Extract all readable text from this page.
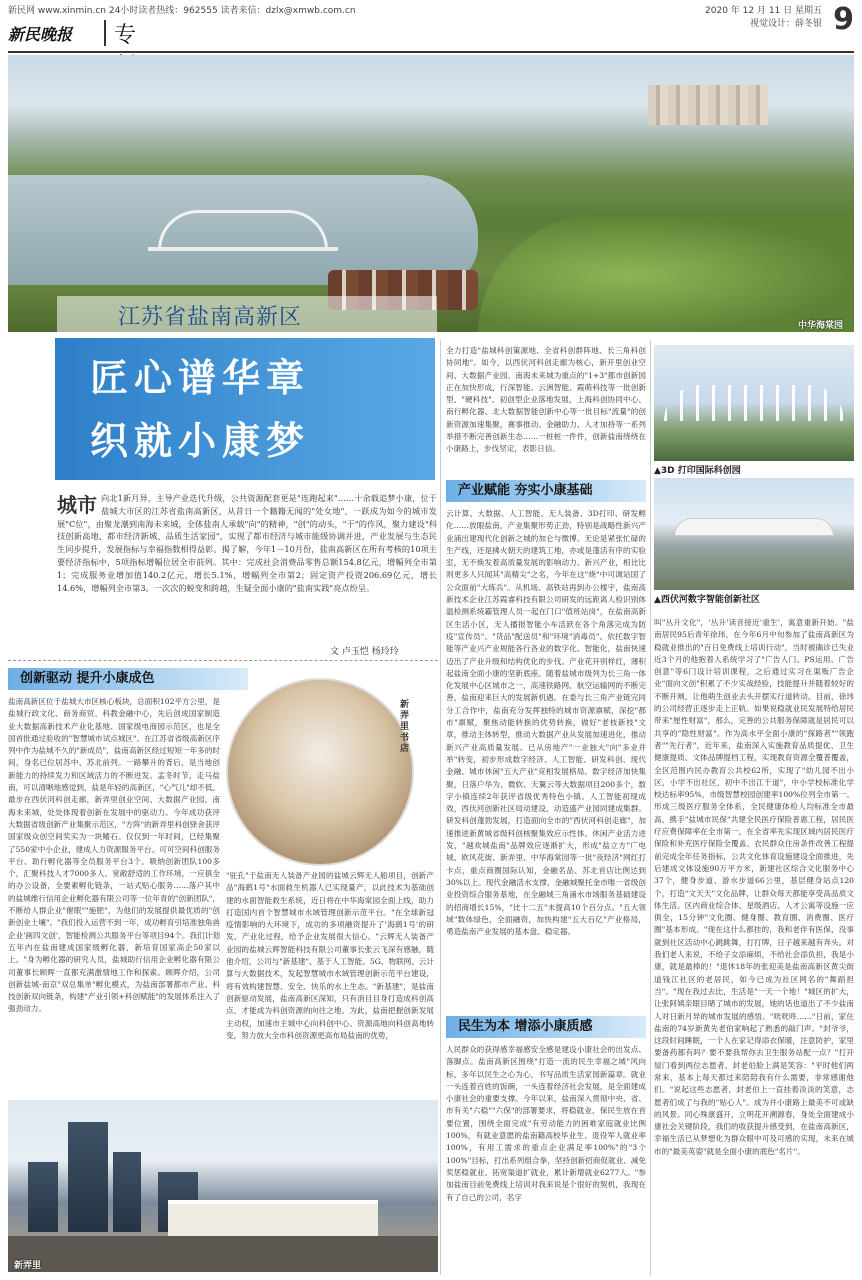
新民网 www.xinmin.cn 24小时读者热线：962555 读者来信：dzlx@xmwb.com.cn	2020 年 12 月 11 日 星期五 9
视觉设计：薛冬银
新民晚报 专
中华海棠园
江苏省盐南高新区
匠心谱华章
织就小康梦
城市 向北1新月异，主导产业迭代升级，公共资源配套更是"连跑起来"……十余载追梦小康，位于盐城大市区的江苏省盐南高新区，从昔日一个籍籍无闻的"处女地"，一跃成为如今的城市发展"C位"，由聚龙潮到南海未来城，全体盐南人承载"向"的精神，"创"的动头，"干"的作风，聚力建设"科技创新高地、都市经济新城、品质生活家园"，实现了都市经济与城市能级协调并进，产业发展与生态民生同步提升，发展指标与幸福指数相得益彰。揭了解，今年1－10月份，盐南高新区在所有考核的10项主要经济指标中，5项指标增幅位居全市前列。其中：完成社会消费品零售总额154.8亿元，增幅列全市第1；完成服务业增加值140.2亿元，增长5.1%，增幅列全市第2；固定资产投资206.69亿元，增长14.6%，增幅列全市第3。一次次的蜕变和跨越，生疑全面小康的"盐南实践"亮点纷呈。
文 卢玉恺 杨玲玲
创新驱动 提升小康成色
盐南高新区位于盐城大市区核心板块，总面积102平方公里，是盐城行政文化、商务商贸、科教金融中心，先后创成国家制造业大数据高新技术产业化基地、国家级电商园示范区，也是全国首批通过验收的"智慧城市试点城区"。在江苏省省级高新区序列中作为盐城不久的"新成员"，盐南高新区经过短短一年多的时间，身名已位居苏中、苏北前列。一路攀升的背后，是当地创新能力的持续发力和区域活力的不断迸发。孟冬时节，走马盐南，可以清晰地感觉到，盐是年轻的高新区，"心气儿"却不低。最步在西伏河科创走廊，新弄里创业空间、大数据产业园、南海未来城，处处体现着创新在发展中的驱动力。今年成功获评大数据省级创新产业集聚示范区，"方阵"的新弄里科创驿舍获评国家级众创空间奖实为一块鳍石。仅仅到一年时间，已经集聚了550家中小企业，建成人力资源服务平台、可可空间科创服务平台、助行孵化器等全员服务平台3个。吸纳创新团队100多个，汇聚科技人才7000多人。宽敞舒适的工作环境，一应俱全的办公设备，全要素孵化链条，一站式贴心服务……落户其中的盐城维行信用企业孵化器有限公司等一位年青的"创新团队"，不断给人群企业"催眠""施肥"，为他们的发展提供最优质的"创新创业土壤"。"我们投入运营不到一年，成功孵育引培准独角兽企业'画四文创'，智能检测公共服务平台等项目94个。我们计划五年内在盐南建成国家级孵化器，新培育国家高企50家以上。"身为孵化器的研究人员，盐城助行信用企业孵化器有限公司董事长顾晖一直都充满激情地工作和探索。顾晖介绍，公司创新盐城-南京"双总集单"孵化模式，为盐南部署都市产业、科技创新双向链条，构建"产业引领+科创赋能"的发展体系注入了强劲动力。
新弄里书店
"驻孔"于盐南无人装备产业园的盐城云辉无人船项目，创新产品"海鹞1号"水面救生机器人已实现量产，以此技术为基础创建的水面智能救生系统，近日将在中华海棠园全面上线，助力打造国内首个智慧城市水域管理创新示范平台。"在全球新冠疫情影响的大环境下，成功的多项融资提升了'海鹞1号'的研发、产业化过程，给予企业发展很大信心。"云辉无人装备产业园的盐城云辉智能科技有限公司董事长张云飞深有感触，随他介绍，公司与"新基建"、基于人工智能、5G、物联网、云计算与大数据技术，发起智慧城市水域管理创新示范平台建设，将有效构建智慧、安全、快乐的水上生态。"新基建"，是盐南创新驱动发展，盐南高新区深知，只有消目目身打造成科创高点，才能成为科创资源的向往之地。为此，盐南把握创新发展主动权，加速市主城中心向科创中心、资源高地向科创高地转变，努力放大全市科创资源更高布局盐南的优势，
新弄里
全力打造"盐城科创策源地、全省科创群阵地、长三角科创协同地"。如今，以西伏河科创走廊为核心，新开里创业空间、大数据产业园、南海未来城为重点的"1+3"都市创新园正在加快形成，行深智能、云洲智能、霞萌科技等一批创新型、"硬科技"、初创型企业落地发展，上海科创协同中心、南行孵化器、北大数据智能创新中心等一批目标"流量"的创新资源加速集聚，赛事推动、金融助力、人才加持等一系列举措不断完善创新生态……一桩桩一件件，创新盐南绕绕在小康路上，步伐坚定，表影日信。
产业赋能 夯实小康基础
云计算、大数据、人工智能、无人装备、3D打印、研发孵化……放眼盐南，产业集聚形势正劲，特别是战略性新兴产业涌出建现代化创新之城的加仑与微博。无论是紧张忙碌的生产线，还是拂火朝天的建筑工地，亦或是蓬活有序的实验室，无不焕发着高质量发展的影响动力。新兴产业，相比比则更多人只闻其"高精尖"之名，今年在这"烧"中可调站国了公众面前"大练兵"。从机场、高铁站再到办公楼宇，盐南高新技术企业江苏霞睿科技有限公司研发的远距离人检识别体温检测系统霸管理人员一起在门口"值班站岗"，在盐南高新区生活小区，无人播报智能小车活跃在各个角落完成为防疫"宣传员"、"货品"配送员"和"环境"消毒员"。依托数字智能等产业兴产业规能各行各业的数字化、智能化，盐南快速迈出了产业升级和结构优化的步伐。产业花开别样红，薄积起盐南全面小康的坚新底座。随着盐城市级列为长三角一体化发展中心区城市之一，高速铁路网、航空运输网的不断完善，盐南迎来巨大的发展新机遇。在委与长三角产业链完同分工合作中，盐南充分发挥独特的城市资源禀赋，深挖"都市"禀赋，聚焦动能转换的优势转换，做好"老枝新枝"文章，推动主体转型，推动大数据产业从发展加速进化，推动新兴产业高质量发展。已从房地产"一业独大"向"多业并举"转变，初步形成数字经济、人工智能、研发科创、现代金融、城市休闲"五大产业"竞相发展格局。数字经济加快集聚，日落户华为、微软、天翼云等大数据项目200多个，数字小镇连续2年获评省级优秀特色小镇。人工智能初现成效，西伏河创新社区局动建设，动造盛产业园同建成集群。研发科创蓬勃发展，打造面向全市的"西伏河科创走廊"，加速推进新黄城省级科创核聚集效应示性体。休闲产业活力迸发，"越欢城盐南"品牌效应逐渐扩大，形成"盐立方"广电城、欧风花街、新弄里、中华海棠园等一批"夜经济"网红打卡点，重点商圈国际认知，金融名品、苏北首店比例达到30%以上。现代金融活水支撑，金融城聚托金市唯一省级创业投资综合服务基地，在全融城三角涌水市场服务基础建设的招商增长15%，"比十二五"末提高10个百分点。"五大领域"数体绿色，全面融资，加快构建"五大百亿"产业格局，勇造盐南产业发展的基本盘、稳定器。
民生为本 增添小康质感
人民群众的获得感幸福感安全感是建设小康社会的出发点、落脚点。盐南高新区围绕"打造一流的民生幸福之城"风向标，多年以民生之心为心，书写品质生活家园新篇章。就业一头连着百姓的饭碗，一头连着经济社会发展，是全面建成小康社会的重要支撑。今年以来，盐南深入贯彻中央、省、市有关"六稳""六保"的部署要求，将稳就业、保民生放在首要位置，围绕全面完成"有劳动能力的困难家庭就业比例100%，有就业意愿的盐南籍高校毕业生、退役军人就业率100%，有用工需求的重点企业满足率100%"的"3个100%"目标，打出系列组合拳，坚持创新招商促就业、减免奖惩稳就业、拓宽渠道扩就业，累计新增就业6277人。"参加盐南目前免费线上培训对我来说是个很好的契机，我现在有了自己的公司，名字
▲3D 打印国际科创园
▲西伏河数字智能创新社区
叫"丛升文化"，'丛升'读音接近'重生'，寓意重新开始。"盐南居民95后青年徐玮，在今年6月中旬参加了盐南高新区为稳就业推出的"百日免费线上培训行动"，当时被确诊已失业近3个月的他抱着人系统学习了"广告人门、PS运用、广告创意"等6门设计培训课程，之后通过实习在渠贩广告企业"面向文创"积累了不少实战经验，技能提升并随着较好的不断开闸，让他萌生创业去头开摆实行道转动。目前，徐玮的公司经营正逐步走上正轨。如果说稳就业民发展特给居民带来"厘性财富"，那么，完善的公共服务保障就是居民可以共享的"隐性财富"。作为高水平全面小康的"探路者""领跑者""先行者"，近年来，盐南深入实施教育品质提优、卫生健康提质、文体品牌提档工程，实现教育资源全覆普覆盖，全区范围内民办教育公共校62所，实现了"幼儿园不出小区，小学不出社区，初中不出江干道"，中小学校标准化学校达标率95%，市级智慧校园创建率100%位列全市第一。形成三级医疗服务全体系，全民健康体检人均标准全市最高，携手"盐城市民保"共建全民医疗保险普惠工程，居民医疗应费保障率在全市第一，在全省率先实现区域内居民医疗保险和补充医疗保险全覆盖。衣民群众住房条件改善工程提前完成全年任务指标，公共文化体育设施建设全面推进，先后建成文体设施90万平方米，新建社区综合文化服务中心37个，健身步道、游水步道66公里，基层健身站点120个，打造"文天天"文化品牌，让群众每天都能享受高品质文体生活。区内商业综合体、星级酒店、人才公寓等设施一应俱全，15分钟"文化圈、健身圈、教育圈、消费圈、医疗圈"基本形成。"现在这什么都挂的，我和老伴有医保，没事就到社区活动中心跳跳舞，打打牌，日子越来越有奔头。对我们老人来说，不给子女添麻烦，不给社会添负担，我是小康，就是最棒的！"退休18年的张迎美是盐南高新区黄尖街道钱江社区的老居民，如今已成为社区网名的"舞蹈担当"。"现在我过去比，生活是"一天一个地！"城区的扩大，让张阿姨亲眼目睹了城市的发展，她的话也道出了不少盐南人对日新月异的城市发展的感悟。"咣咣咚……"日前，家住盐南的74岁新黄先老伯家响起了熟悉的敲门声。"封爷爷，这段时间睡眠，一个人在家记得添衣保暖，注意防护，家里要备药都有吗？要不要我帮你去卫生服务站配一点？"打开屋门看到两位志愿者、封老伯脸上满是笑容："平时他们两常来，基本上每天都过来陪陪我有什么需要，非常感谢他们。"说起这些志愿者，封老伯上一直挂着淡淡的笑意，志愿者们成了与我的"贴心人"。成为并小康路上最美不可或缺的风景。同心殊康盛开，立明花开溯源春，身处全面建成小康社会关键阶段，我们的收获提升感受到，在盐南高新区，幸福生活已从梦想化为群众眼中可及可感的实现，未来在城市的"最美英姿"就是全面小康的底色"名片"。
